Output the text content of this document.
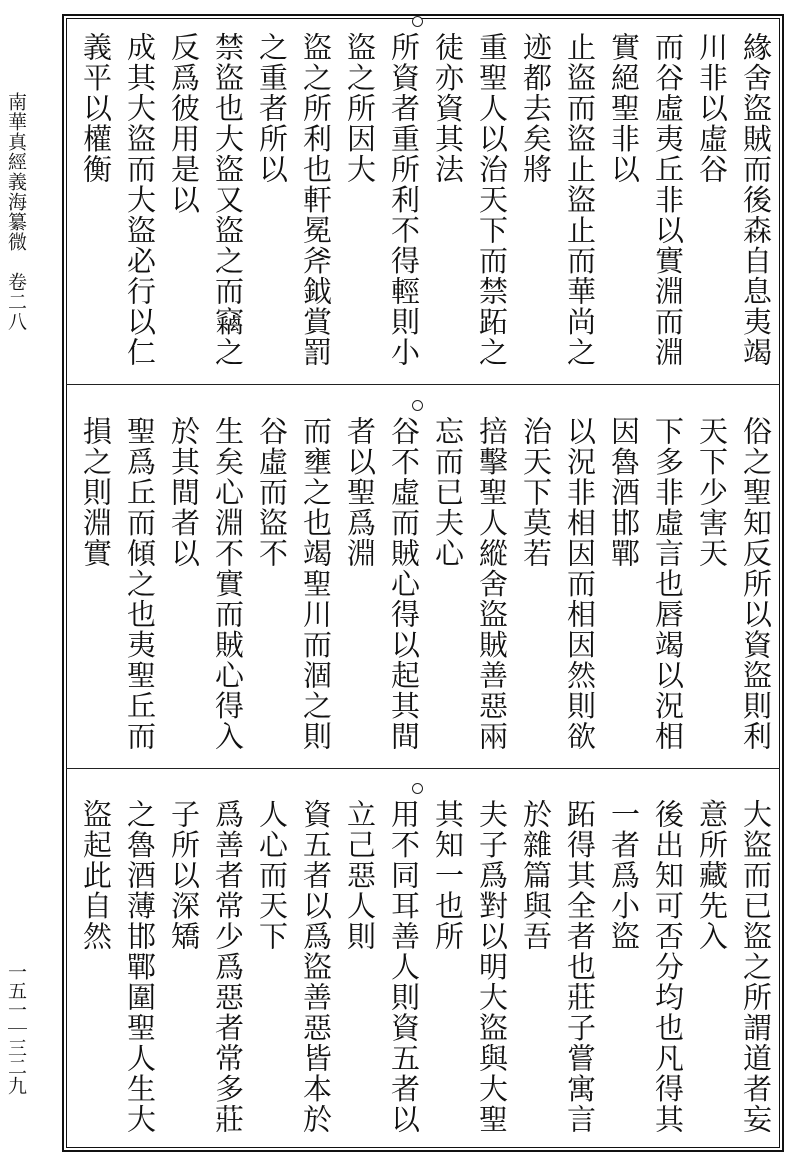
南華真經義海纂微　卷二八
一五一｜三二九
緣舍盜賊而後森自息夷竭川非以虛谷
而谷虛夷丘非以實淵而淵實絕聖非以
止盜而盜止盜止而華尚之迹都去矣將
重聖人以治天下而禁跖之徒亦資其法
所資者重所利不得輕則小盜之所因大
盜之所利也軒冕斧鉞賞罰之重者所以
禁盜也大盜又盜之而竊之反爲彼用是以
成其大盜而大盜必行以仁義平以權衡
俗之聖知反所以資盜則利天下少害天
下多非虛言也唇竭以況相因魯酒邯鄲
以況非相因而相因然則欲治天下莫若
掊擊聖人縱舍盜賊善惡兩忘而已夫心
谷不虛而賊心得以起其間者以聖爲淵
而壅之也竭聖川而涸之則谷虛而盜不
生矣心淵不實而賊心得入於其間者以
聖爲丘而傾之也夷聖丘而損之則淵實
大盜而已盜之所謂道者妄意所藏先入
後出知可否分均也凡得其一者爲小盜
跖得其全者也莊子嘗寓言於雜篇與吾
夫子爲對以明大盜與大聖其知一也所
用不同耳善人則資五者以立己惡人則
資五者以爲盜善惡皆本於人心而天下
爲善者常少爲惡者常多莊子所以深矯
之魯酒薄邯鄲圍聖人生大盜起此自然
